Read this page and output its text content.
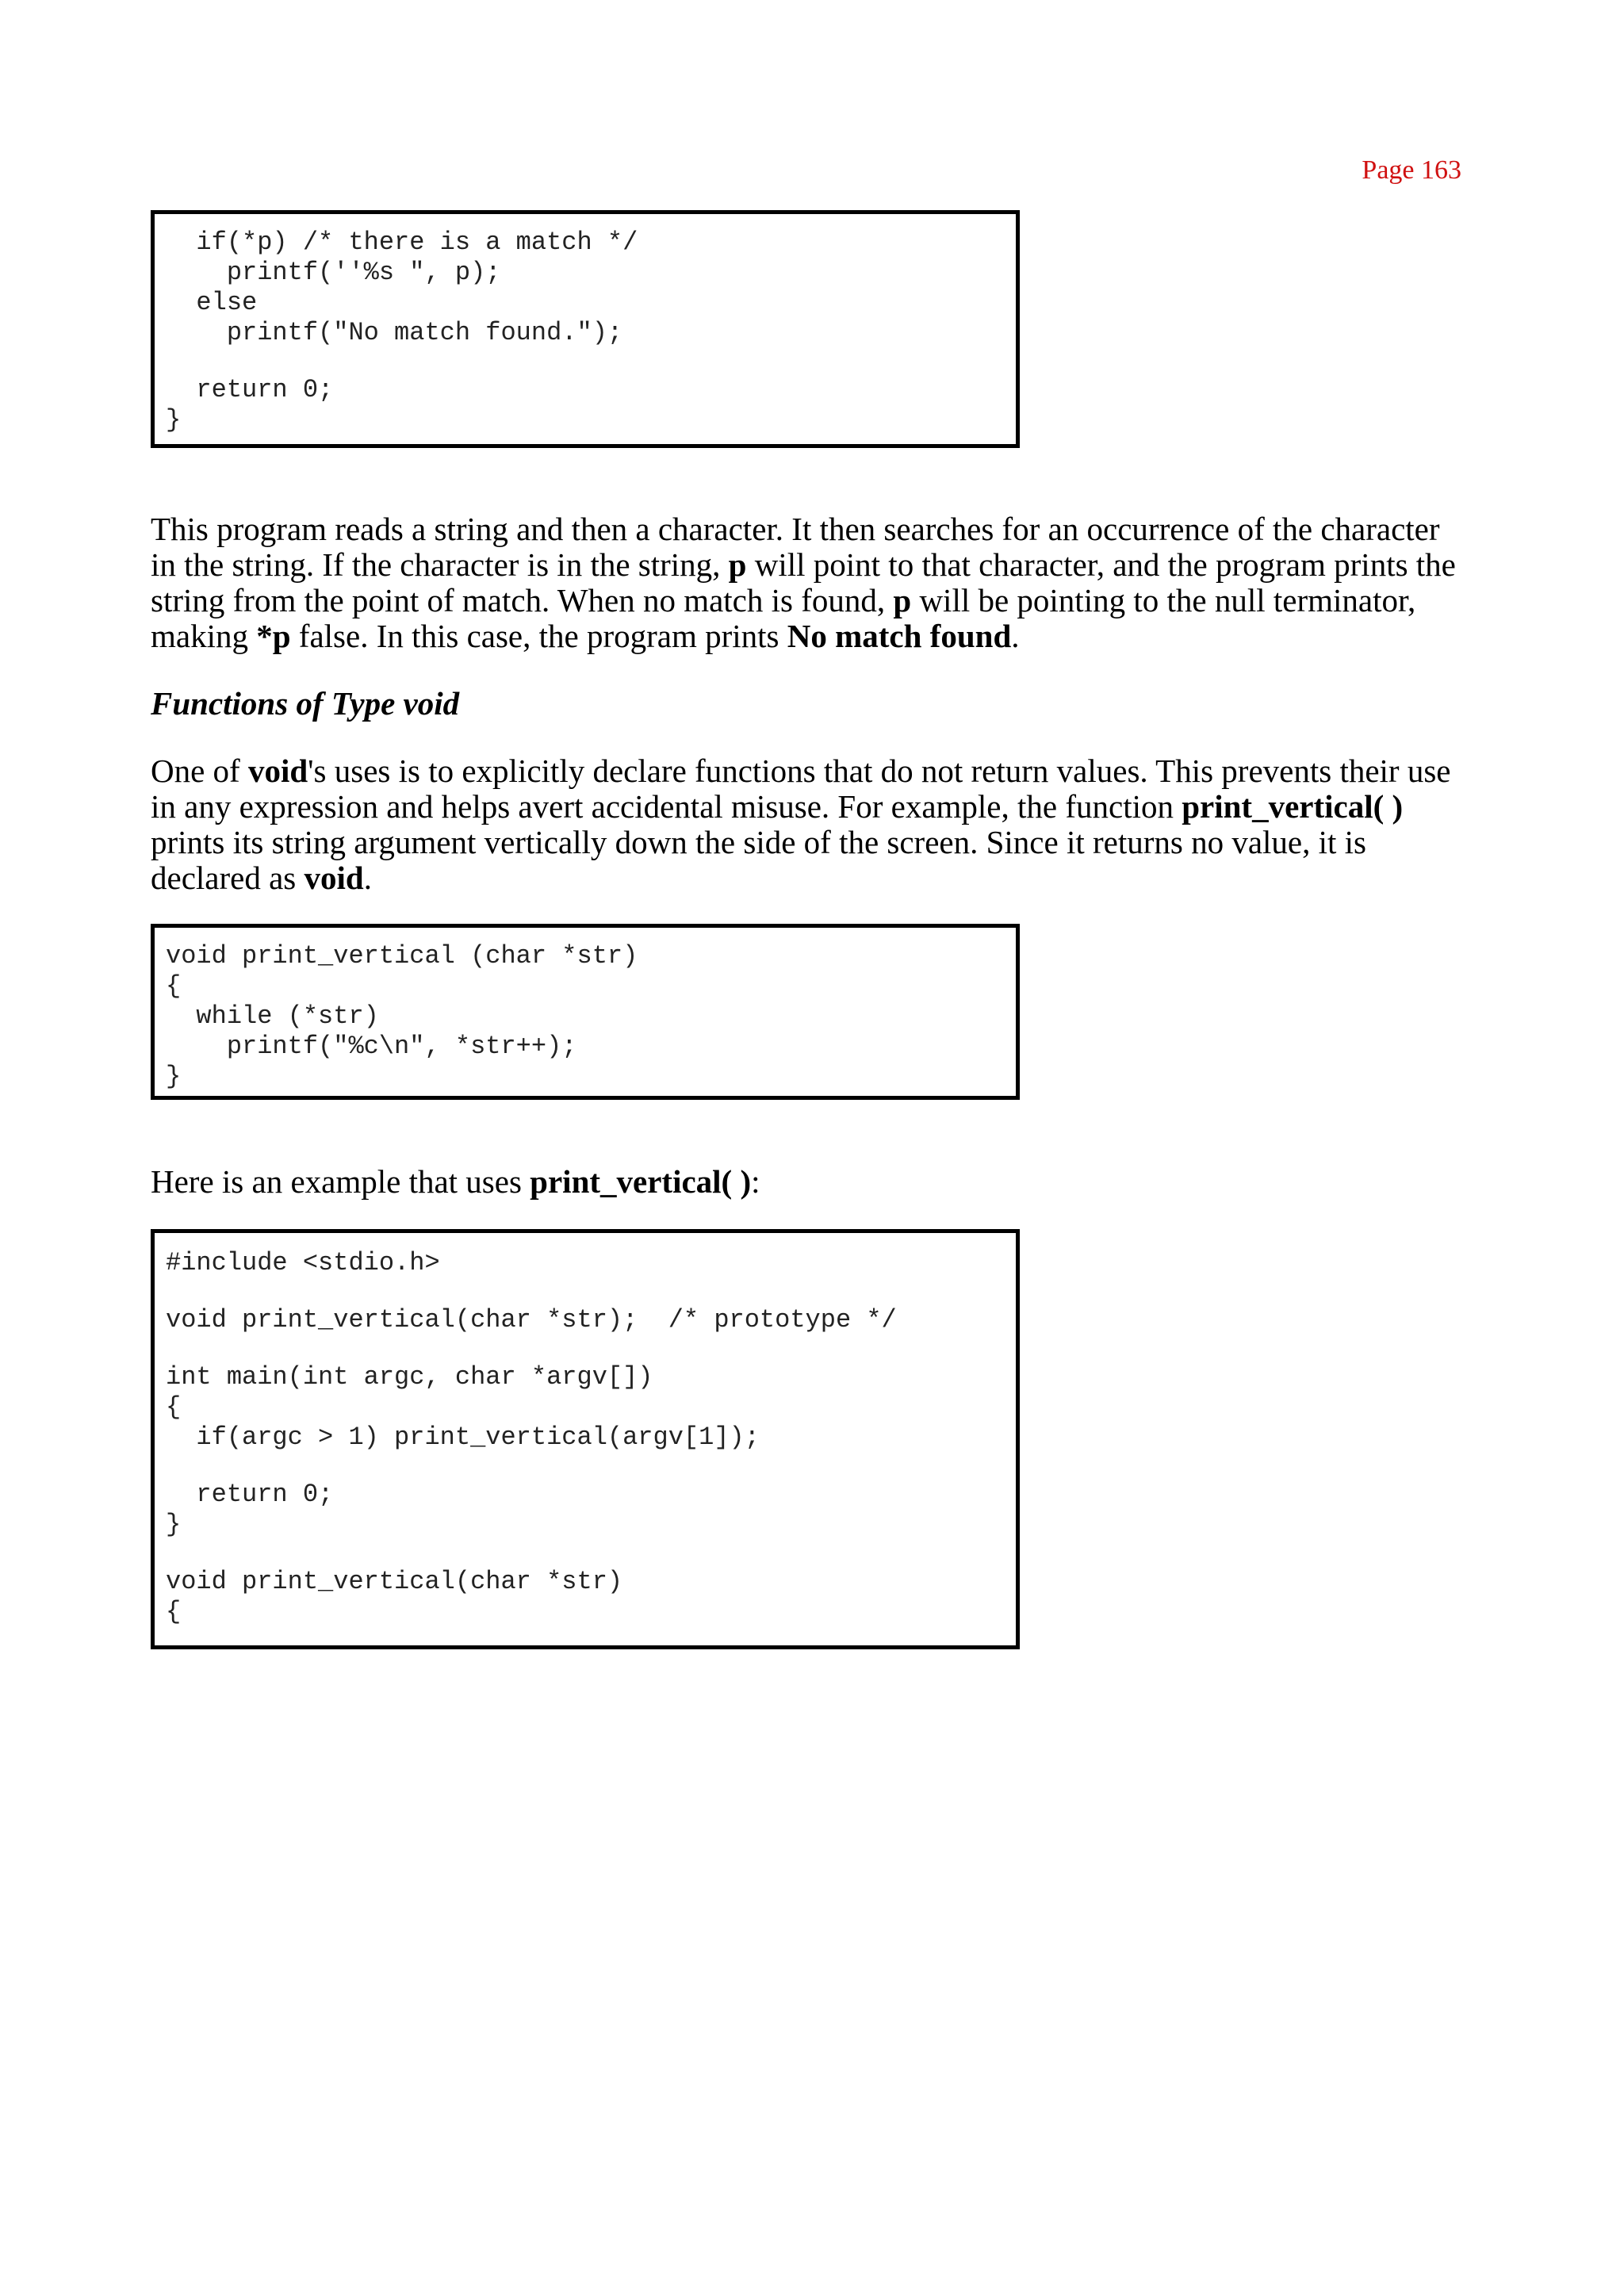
Page 163
if(*p) /* there is a match */
printf(''%s ", p);
else
printf("No match found.");
return 0;
}

This program reads a string and then a character. It then searches for an occurrence of the character in the string. If the character is in the string, p will point to that character, and the program prints the string from the point of match. When no match is found, p will be pointing to the null terminator, making *p false. In this case, the program prints No match found.

Functions of Type void

One of void's uses is to explicitly declare functions that do not return values. This prevents their use in any expression and helps avert accidental misuse. For example, the function print_vertical( ) prints its string argument vertically down the side of the screen. Since it returns no value, it is declared as void.

void print_vertical (char *str)
{
while (*str)
printf("%c\n", *str++);
}

Here is an example that uses print_vertical( ):

#include <stdio.h>
void print_vertical(char *str);  /* prototype */
int main(int argc, char *argv[])
{
if(argc > 1) print_vertical(argv[1]);
return 0;
}
void print_vertical(char *str)
{
